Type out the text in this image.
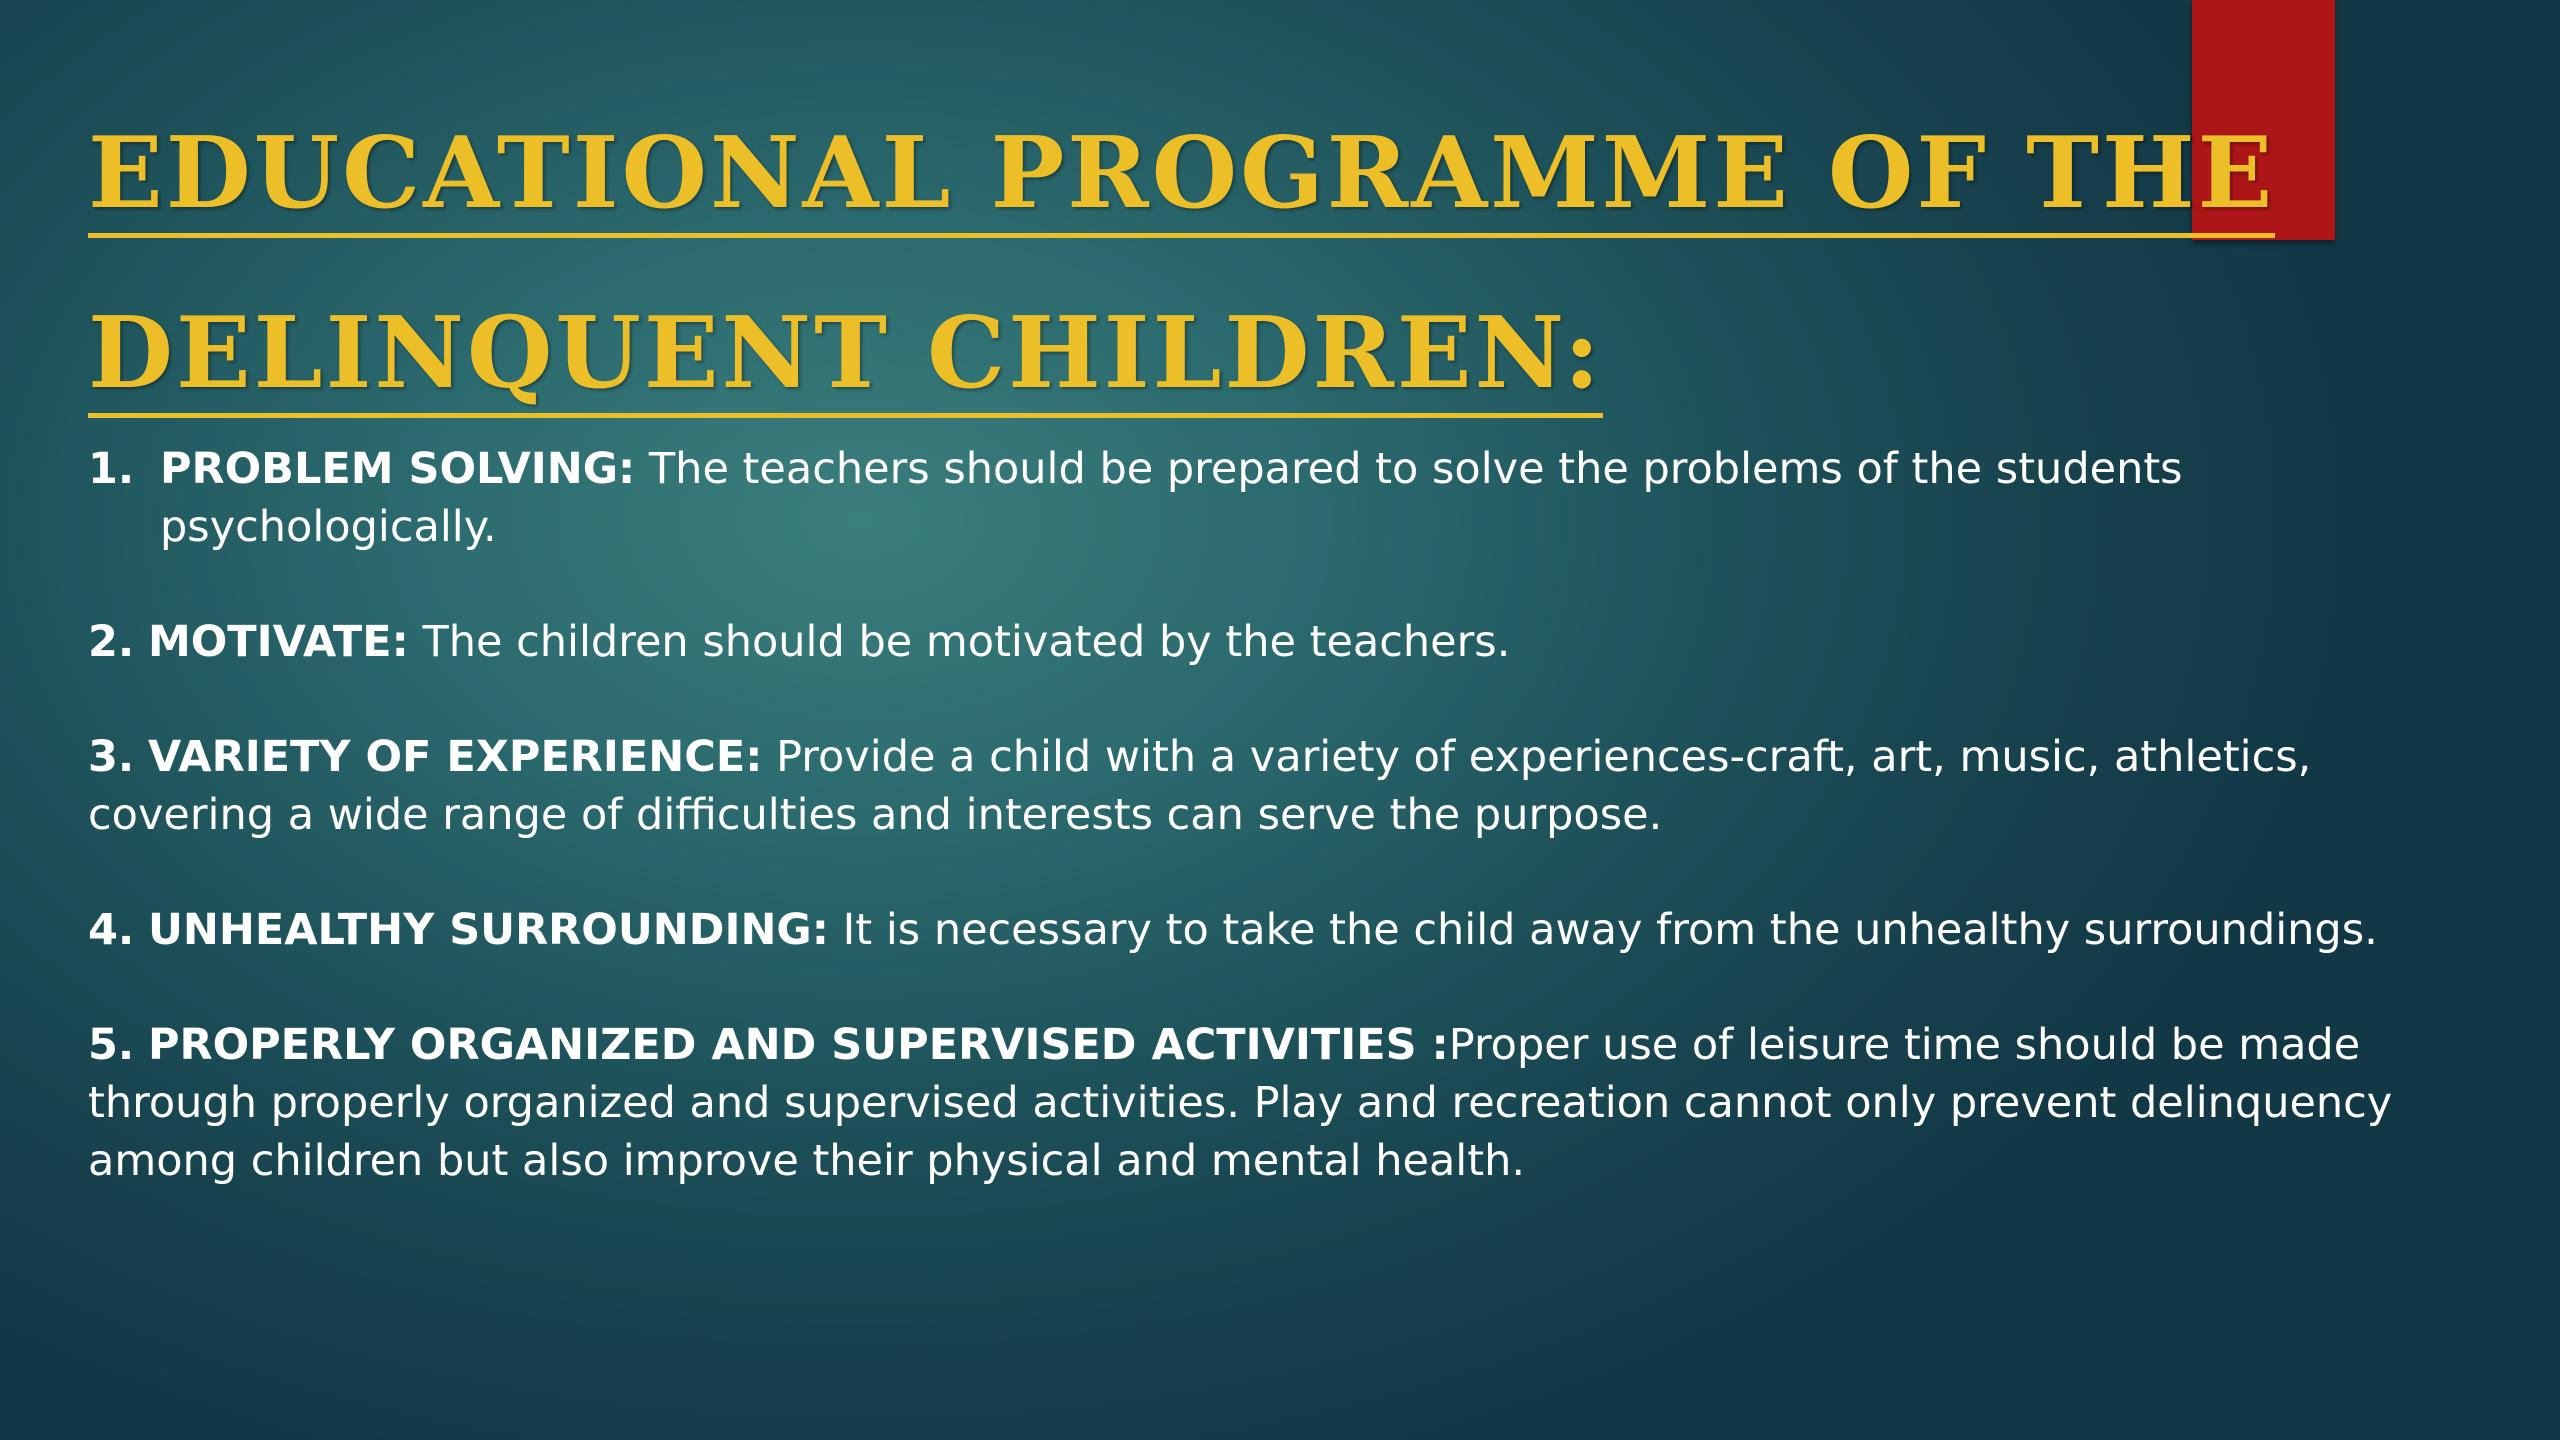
EDUCATIONAL PROGRAMME OF THE
DELINQUENT CHILDREN:
1. PROBLEM SOLVING: The teachers should be prepared to solve the problems of the students psychologically.
2. MOTIVATE: The children should be motivated by the teachers.
3. VARIETY OF EXPERIENCE: Provide a child with a variety of experiences-craft, art, music, athletics, covering a wide range of difficulties and interests can serve the purpose.
4. UNHEALTHY SURROUNDING: It is necessary to take the child away from the unhealthy surroundings.
5. PROPERLY ORGANIZED AND SUPERVISED ACTIVITIES :Proper use of leisure time should be made through properly organized and supervised activities. Play and recreation cannot only prevent delinquency among children but also improve their physical and mental health.
